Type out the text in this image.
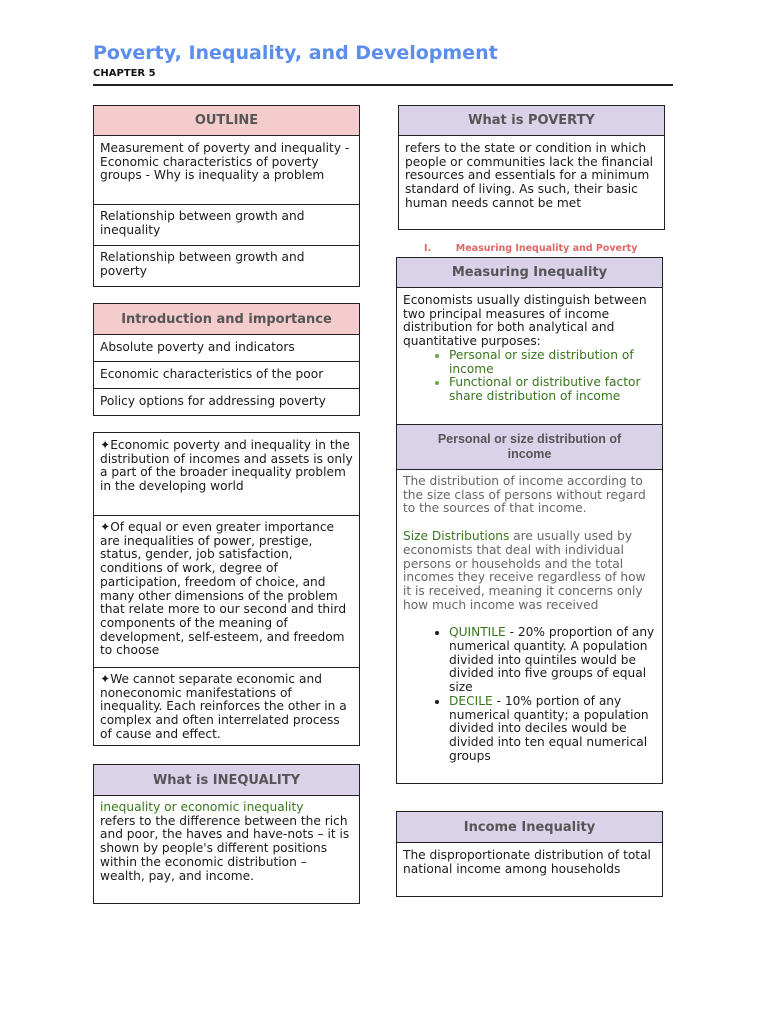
Poverty, Inequality, and Development
CHAPTER 5
OUTLINE
Measurement of poverty and inequality - Economic characteristics of poverty groups - Why is inequality a problem
Relationship between growth and inequality
Relationship between growth and poverty
Introduction and importance
Absolute poverty and indicators
Economic characteristics of the poor
Policy options for addressing poverty
✦Economic poverty and inequality in the distribution of incomes and assets is only a part of the broader inequality problem in the developing world
✦Of equal or even greater importance are inequalities of power, prestige, status, gender, job satisfaction, conditions of work, degree of participation, freedom of choice, and many other dimensions of the problem that relate more to our second and third components of the meaning of development, self-esteem, and freedom to choose
✦We cannot separate economic and noneconomic manifestations of inequality. Each reinforces the other in a complex and often interrelated process of cause and effect.
What is INEQUALITY
inequality or economic inequality
refers to the difference between the rich and poor, the haves and have-nots – it is shown by people's different positions within the economic distribution – wealth, pay, and income.
What is POVERTY
refers to the state or condition in which people or communities lack the financial resources and essentials for a minimum standard of living. As such, their basic human needs cannot be met
I.	Measuring Inequality and Poverty
Measuring Inequality
Economists usually distinguish between two principal measures of income distribution for both analytical and quantitative purposes:
• Personal or size distribution of income
• Functional or distributive factor share distribution of income
Personal or size distribution of income
The distribution of income according to the size class of persons without regard to the sources of that income.
Size Distributions are usually used by economists that deal with individual persons or households and the total incomes they receive regardless of how it is received, meaning it concerns only how much income was received
• QUINTILE - 20% proportion of any numerical quantity. A population divided into quintiles would be divided into five groups of equal size
• DECILE - 10% portion of any numerical quantity; a population divided into deciles would be divided into ten equal numerical groups
Income Inequality
The disproportionate distribution of total national income among households
